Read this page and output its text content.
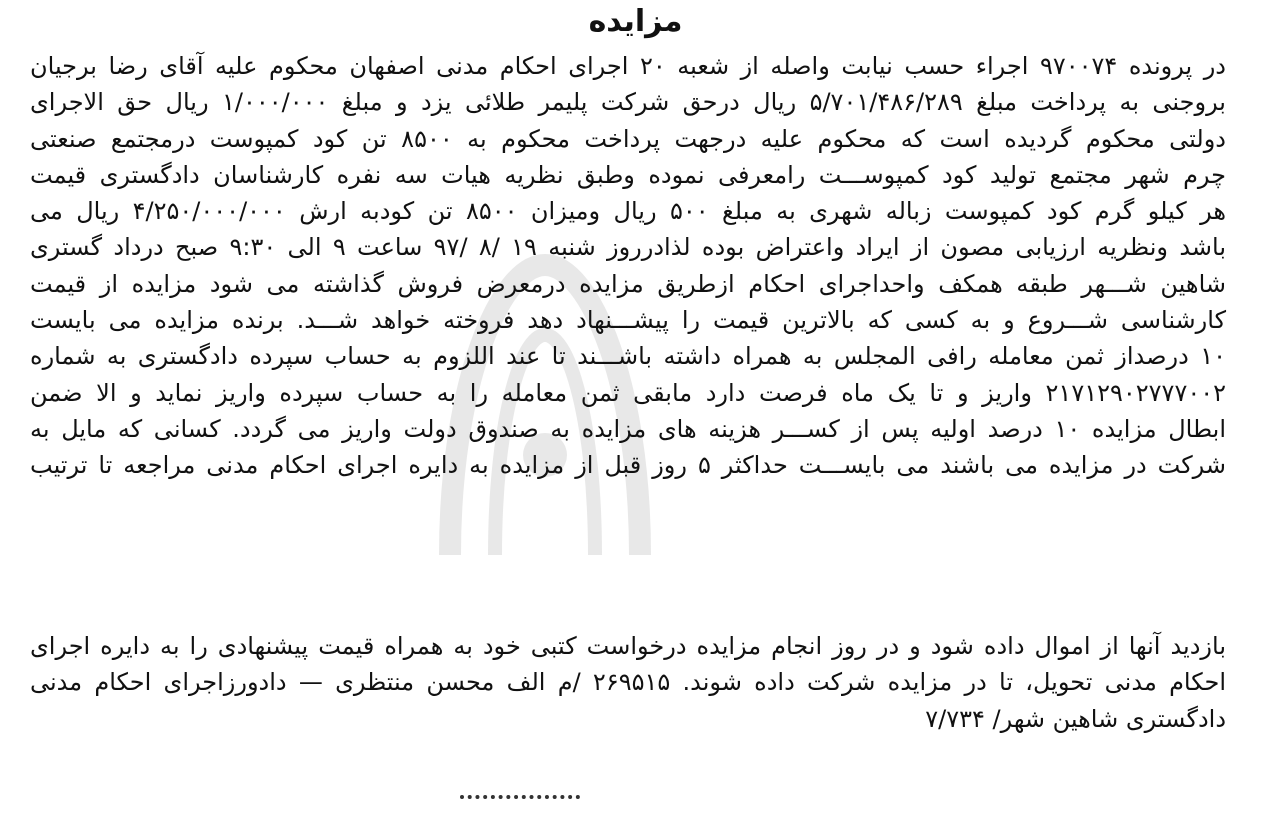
مزایده
در پرونده ۹۷۰۰۷۴ اجراء حسب نیابت واصله از شعبه ۲۰ اجرای احکام مدنی اصفهان محکوم علیه آقای رضا برجیان
بروجنی به پرداخت مبلغ ۵/۷۰۱/۴۸۶/۲۸۹ ریال درحق شرکت پلیمر طلائی یزد و مبلغ ۱/۰۰۰/۰۰۰ ریال حق الاجرای
دولتی محکوم گردیده است که محکوم علیه درجهت پرداخت محکوم به ۸۵۰۰ تن کود کمپوست درمجتمع صنعتی
چرم شهر مجتمع تولید کود کمپوســـت رامعرفی نموده وطبق نظریه هیات سه نفره کارشناسان دادگستری قیمت
هر کیلو گرم کود کمپوست زباله شهری به مبلغ ۵۰۰ ریال ومیزان ۸۵۰۰ تن کودبه ارش ۴/۲۵۰/۰۰۰/۰۰۰ ریال می
باشد ونظریه ارزیابی مصون از ایراد واعتراض بوده لذادرروز شنبه ۱۹ /۸ /۹۷ ساعت ۹ الی ۹:۳۰ صبح درداد گستری
شاهین شـــهر طبقه همکف واحداجرای احکام ازطریق مزایده درمعرض فروش گذاشته می شود مزایده از قیمت
کارشناسی شـــروع و به کسی که بالاترین قیمت را پیشـــنهاد دهد فروخته خواهد شـــد. برنده مزایده می بایست
۱۰ درصداز ثمن معامله رافی المجلس به همراه داشته باشـــند تا عند اللزوم به حساب سپرده دادگستری به شماره
۲۱۷۱۲۹۰۲۷۷۷۰۰۲ واریز و تا یک ماه فرصت دارد مابقی ثمن معامله را به حساب سپرده واریز نماید و الا ضمن
ابطال مزایده ۱۰ درصد اولیه پس از کســـر هزینه های مزایده به صندوق دولت واریز می گردد. کسانی که مایل به
شرکت در مزایده می باشند می بایســـت حداکثر ۵ روز قبل از مزایده به دایره اجرای احکام مدنی مراجعه تا ترتیب
بازدید آنها از اموال داده شود و در روز انجام مزایده درخواست کتبی خود به همراه قیمت پیشنهادی را به دایره اجرای
احکام مدنی تحویل، تا در مزایده شرکت داده شوند. ۲۶۹۵۱۵ /م الف محسن منتظری — دادورزاجرای احکام مدنی
دادگستری شاهین شهر/ ۷/۷۳۴
